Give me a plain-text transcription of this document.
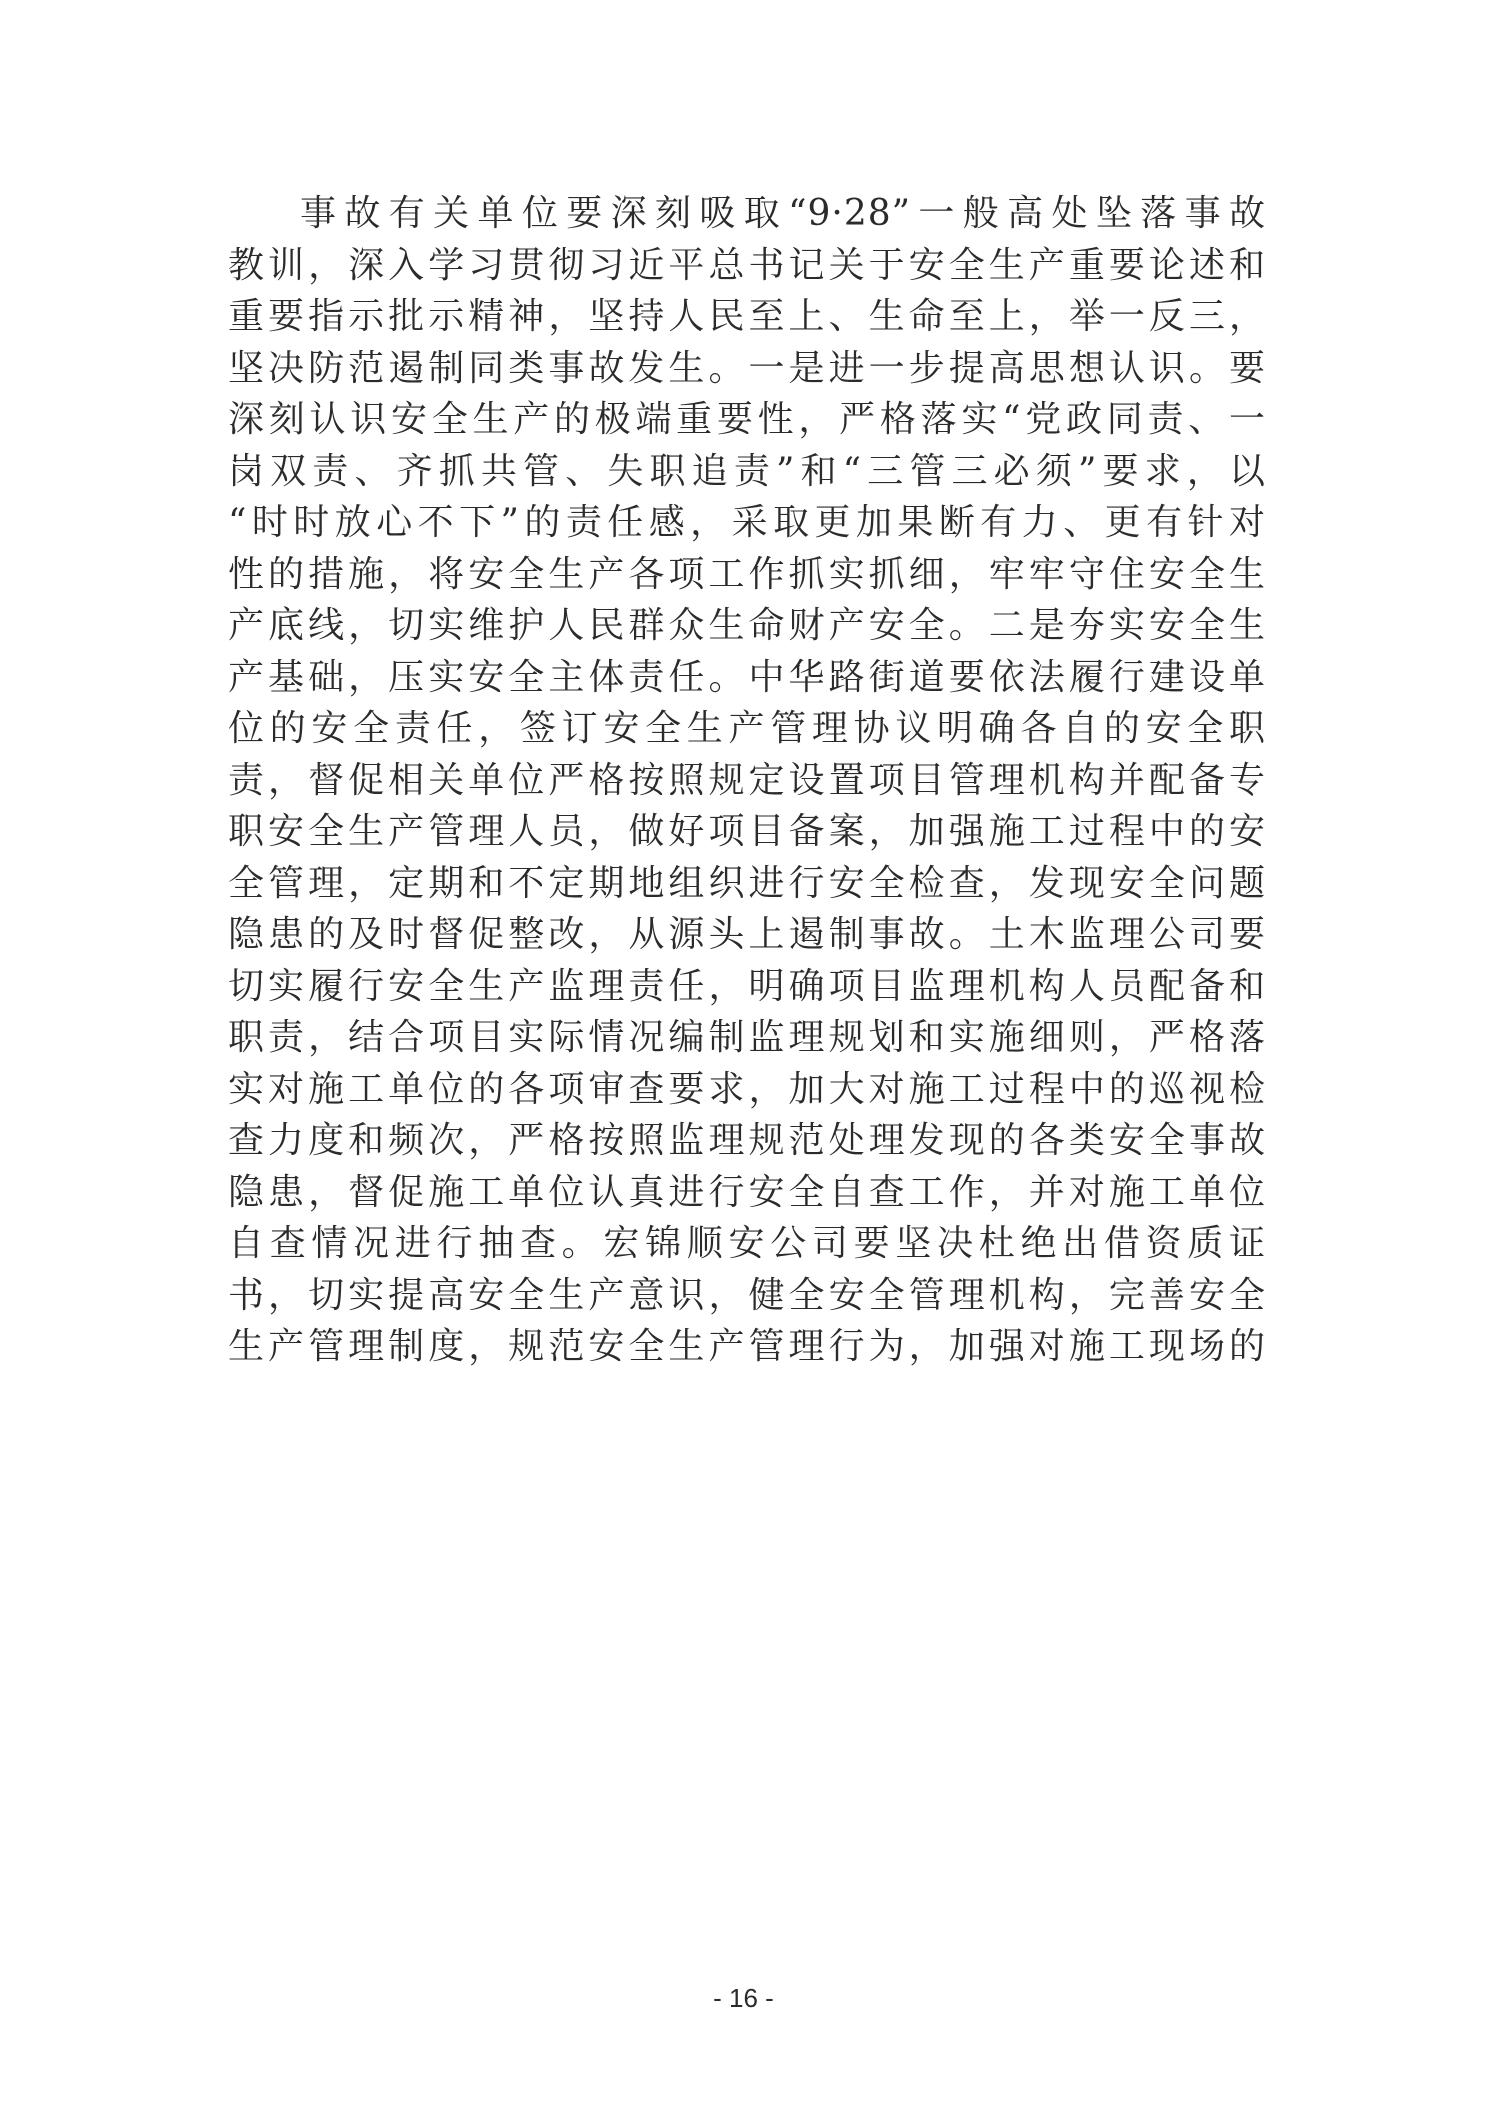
事故有关单位要深刻吸取“9·28”一般高处坠落事故
教训，深入学习贯彻习近平总书记关于安全生产重要论述和
重要指示批示精神，坚持人民至上、生命至上，举一反三，
坚决防范遏制同类事故发生。一是进一步提高思想认识。要
深刻认识安全生产的极端重要性，严格落实“党政同责、一
岗双责、齐抓共管、失职追责”和“三管三必须”要求，以
“时时放心不下”的责任感，采取更加果断有力、更有针对
性的措施，将安全生产各项工作抓实抓细，牢牢守住安全生
产底线，切实维护人民群众生命财产安全。二是夯实安全生
产基础，压实安全主体责任。中华路街道要依法履行建设单
位的安全责任，签订安全生产管理协议明确各自的安全职
责，督促相关单位严格按照规定设置项目管理机构并配备专
职安全生产管理人员，做好项目备案，加强施工过程中的安
全管理，定期和不定期地组织进行安全检查，发现安全问题
隐患的及时督促整改，从源头上遏制事故。土木监理公司要
切实履行安全生产监理责任，明确项目监理机构人员配备和
职责，结合项目实际情况编制监理规划和实施细则，严格落
实对施工单位的各项审查要求，加大对施工过程中的巡视检
查力度和频次，严格按照监理规范处理发现的各类安全事故
隐患，督促施工单位认真进行安全自查工作，并对施工单位
自查情况进行抽查。宏锦顺安公司要坚决杜绝出借资质证
书，切实提高安全生产意识，健全安全管理机构，完善安全
生产管理制度，规范安全生产管理行为，加强对施工现场的
- 16 -
